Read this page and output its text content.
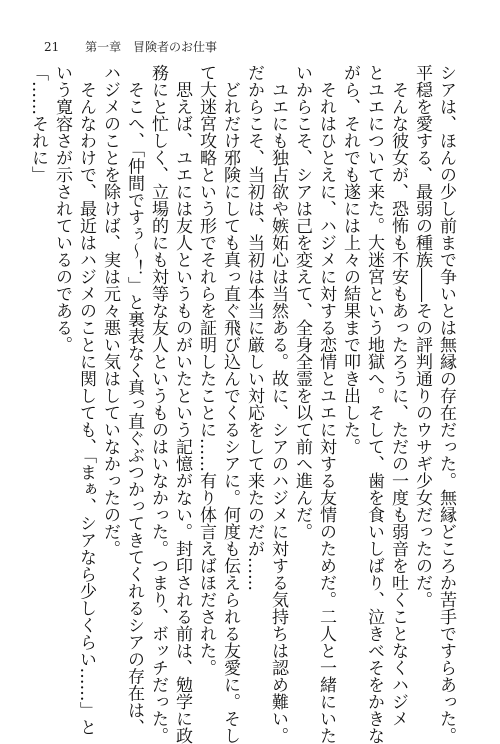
21 第一章 冒険者のお仕事

シアは、ほんの少し前まで争いとは無縁の存在だった。無縁どころか苦手ですらあった。

平穏を愛する、最弱の種族――その評判通りのウサギ少女だったのだ。

　そんな彼女が、恐怖も不安もあったろうに、ただの一度も弱音を吐くことなくハジメ

とユエについて来た。大迷宮という地獄へ。そして、歯を食いしばり、泣きべそをかきな

がら、それでも遂には上々の結果まで叩き出した。

　それはひとえに、ハジメに対する恋情とユエに対する友情のためだ。二人と一緒にいた

いからこそ、シアは己を変えて、全身全霊を以て前へ進んだ。

　ユエにも独占欲や嫉妬心は当然ある。故に、シアのハジメに対する気持ちは認め難い。

だからこそ、当初は、当初は本当に厳しい対応をして来たのだが……

　どれだけ邪険にしても真っ直ぐ飛び込んでくるシアに。何度も伝えられる友愛に。そし

て大迷宮攻略という形でそれらを証明したことに……有り体言えばほだされた。

　思えば、ユエには友人というものがいたという記憶がない。封印される前は、勉学に政

務にと忙しく、立場的にも対等な友人というものはいなかった。つまり、ボッチだった。

　そこへ、「仲間ですぅ～！」と裏表なく真っ直ぐぶつかってきてくれるシアの存在は、

ハジメのことを除けば、実は元々悪い気はしていなかったのだ。

　そんなわけで、最近はハジメのことに関しても、「まぁ、シアなら少しくらい……」と

いう寛容さが示されているのである。

「……それに」
